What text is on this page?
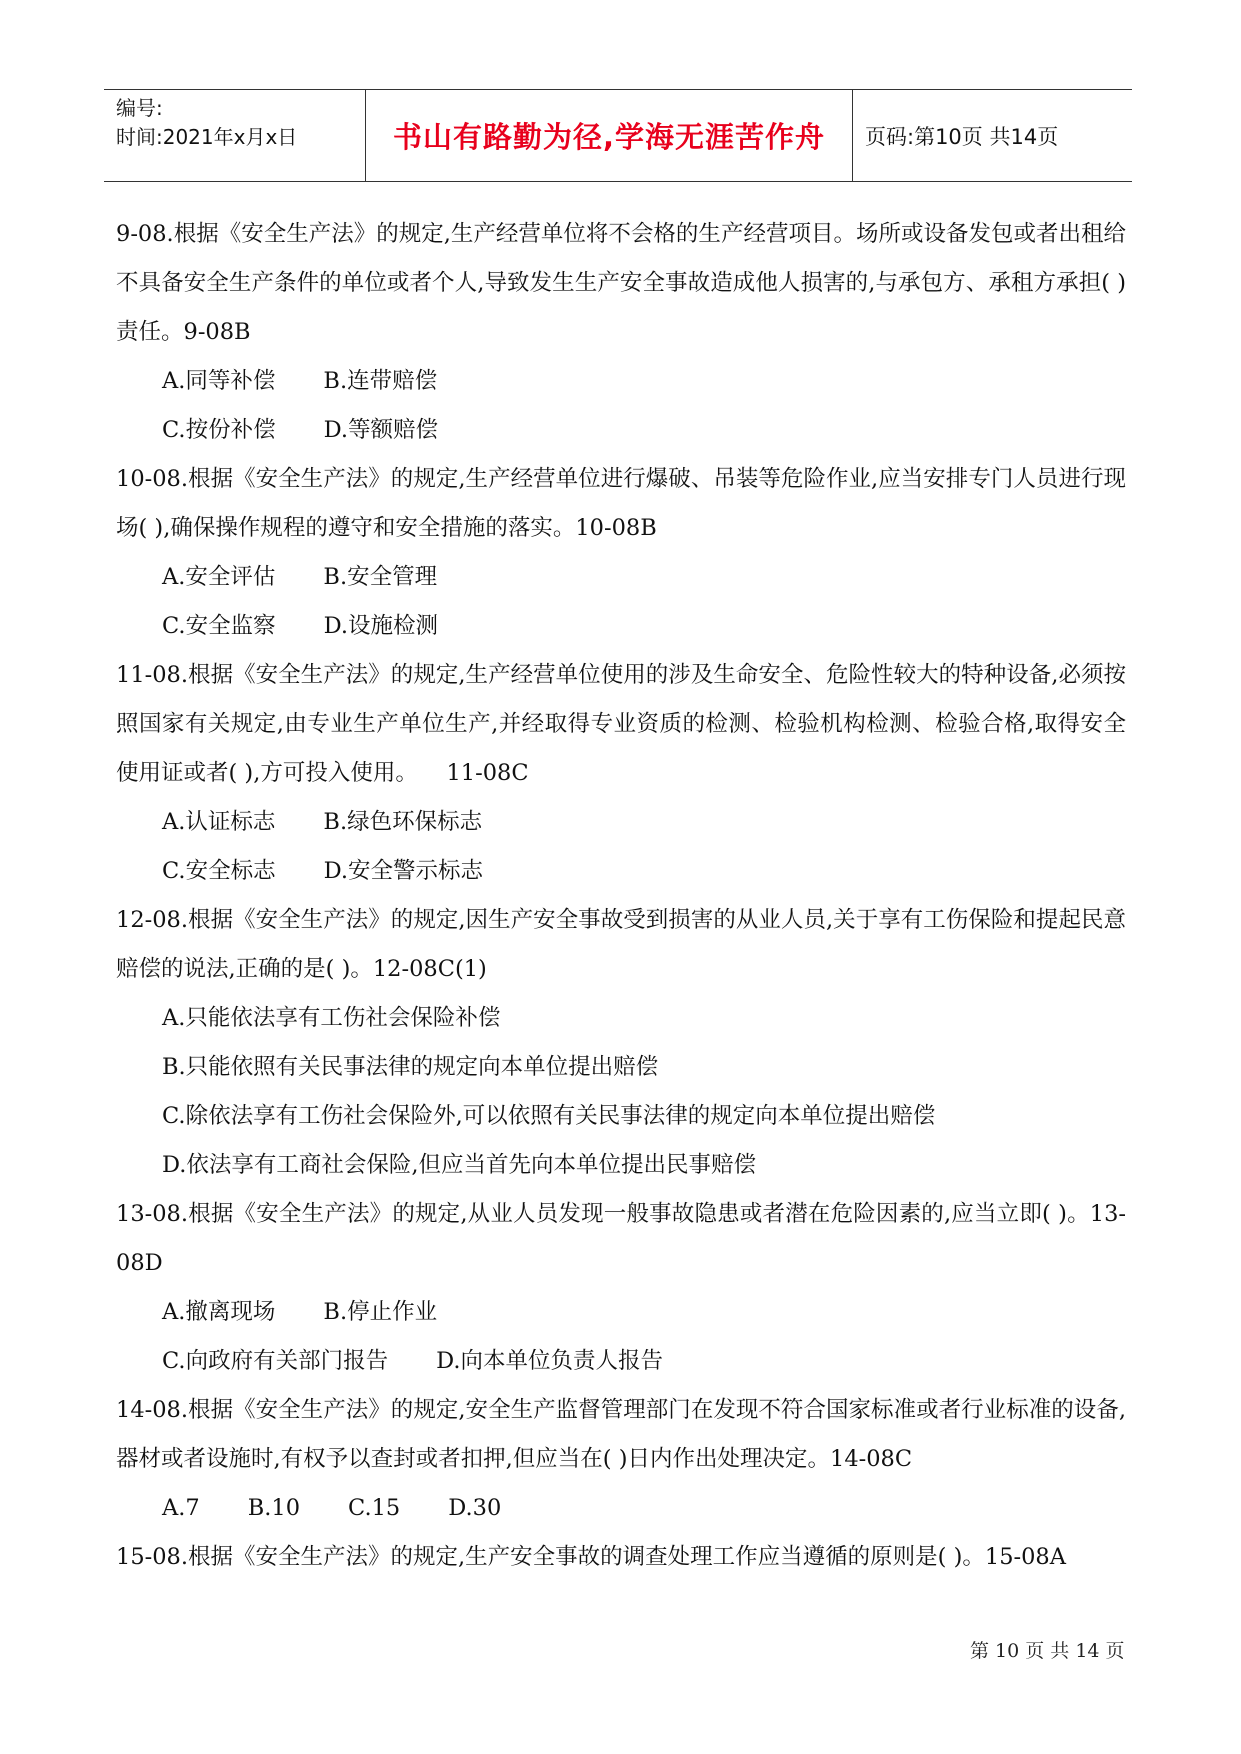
编号:
时间:2021年x月x日	书山有路勤为径,学海无涯苦作舟	页码:第10页 共14页

9-08.根据《安全生产法》的规定,生产经营单位将不会格的生产经营项目。场所或设备发包或者出租给不具备安全生产条件的单位或者个人,导致发生生产安全事故造成他人损害的,与承包方、承租方承担( )责任。9-08B

A.同等补偿 B.连带赔偿
C.按份补偿 D.等额赔偿

10-08.根据《安全生产法》的规定,生产经营单位进行爆破、吊装等危险作业,应当安排专门人员进行现场( ),确保操作规程的遵守和安全措施的落实。10-08B

A.安全评估 B.安全管理
C.安全监察 D.设施检测

11-08.根据《安全生产法》的规定,生产经营单位使用的涉及生命安全、危险性较大的特种设备,必须按照国家有关规定,由专业生产单位生产,并经取得专业资质的检测、检验机构检测、检验合格,取得安全使用证或者( ),方可投入使用。    11-08C

A.认证标志 B.绿色环保标志
C.安全标志 D.安全警示标志

12-08.根据《安全生产法》的规定,因生产安全事故受到损害的从业人员,关于享有工伤保险和提起民意赔偿的说法,正确的是( )。12-08C(1)

A.只能依法享有工伤社会保险补偿
B.只能依照有关民事法律的规定向本单位提出赔偿
C.除依法享有工伤社会保险外,可以依照有关民事法律的规定向本单位提出赔偿
D.依法享有工商社会保险,但应当首先向本单位提出民事赔偿

13-08.根据《安全生产法》的规定,从业人员发现一般事故隐患或者潜在危险因素的,应当立即( )。13-08D

A.撤离现场 B.停止作业
C.向政府有关部门报告 D.向本单位负责人报告

14-08.根据《安全生产法》的规定,安全生产监督管理部门在发现不符合国家标准或者行业标准的设备,器材或者设施时,有权予以查封或者扣押,但应当在( )日内作出处理决定。14-08C

A.7 B.10 C.15 D.30

15-08.根据《安全生产法》的规定,生产安全事故的调查处理工作应当遵循的原则是( )。15-08A

第 10 页 共 14 页
